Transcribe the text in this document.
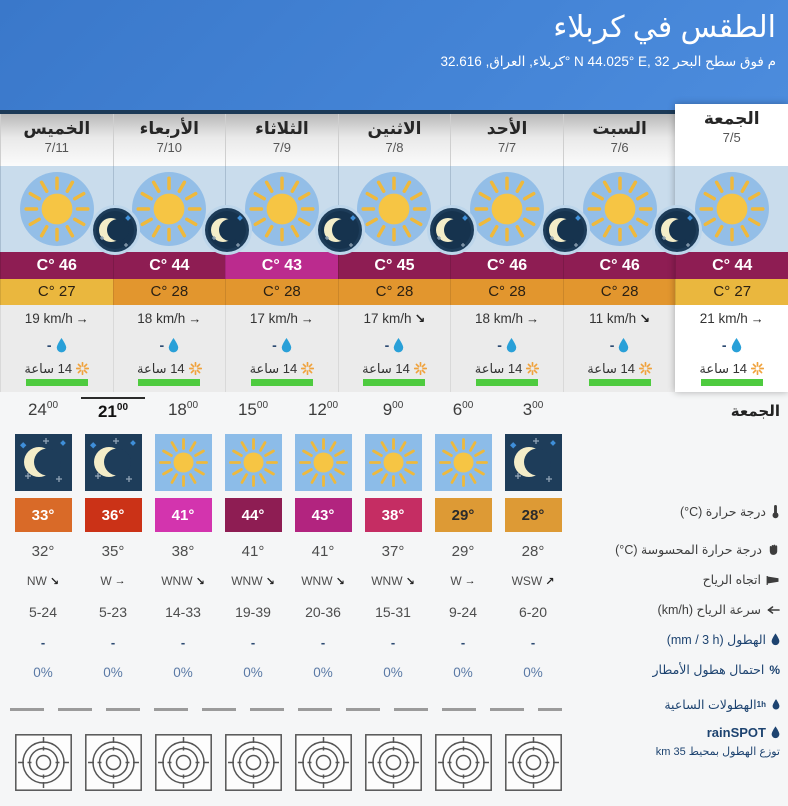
الطقس في كربلاء
كربلاء, العراق, 32.616° N 44.025° E, 32 م فوق سطح البحر
الجمعة
7/5
44 °C
27 °C
21 km/h →
-
14 ساعة
السبت
7/6
46 °C
28 °C
11 km/h ↘
-
14 ساعة
الأحد
7/7
46 °C
28 °C
18 km/h →
-
14 ساعة
الاثنين
7/8
45 °C
28 °C
17 km/h ↘
-
14 ساعة
الثلاثاء
7/9
43 °C
28 °C
17 km/h →
-
14 ساعة
الأربعاء
7/10
44 °C
28 °C
18 km/h →
-
14 ساعة
الخميس
7/11
46 °C
27 °C
19 km/h →
-
14 ساعة
$3^{00}$
28°
28°
WSW ↗
6-20
-
0%
$6^{00}$
29°
29°
W →
9-24
-
0%
$9^{00}$
38°
37°
WNW ↘
15-31
-
0%
$12^{00}$
43°
41°
WNW ↘
20-36
-
0%
$15^{00}$
44°
41°
WNW ↘
19-39
-
0%
$18^{00}$
41°
38°
WNW ↘
14-33
-
0%
$21^{00}$
36°
35°
W →
5-23
-
0%
$24^{00}$
33°
32°
NW ↘
5-24
-
0%
الجمعة
درجة حرارة (C°)
درجة حرارة المحسوسة (C°)
اتجاه الرياح
سرعة الرياح (km/h)
الهطول (mm / 3 h)
%
احتمال هطول الأمطار
1h
الهطولات الساعية
rainSPOT
توزع الهطول بمحيط 35 km
